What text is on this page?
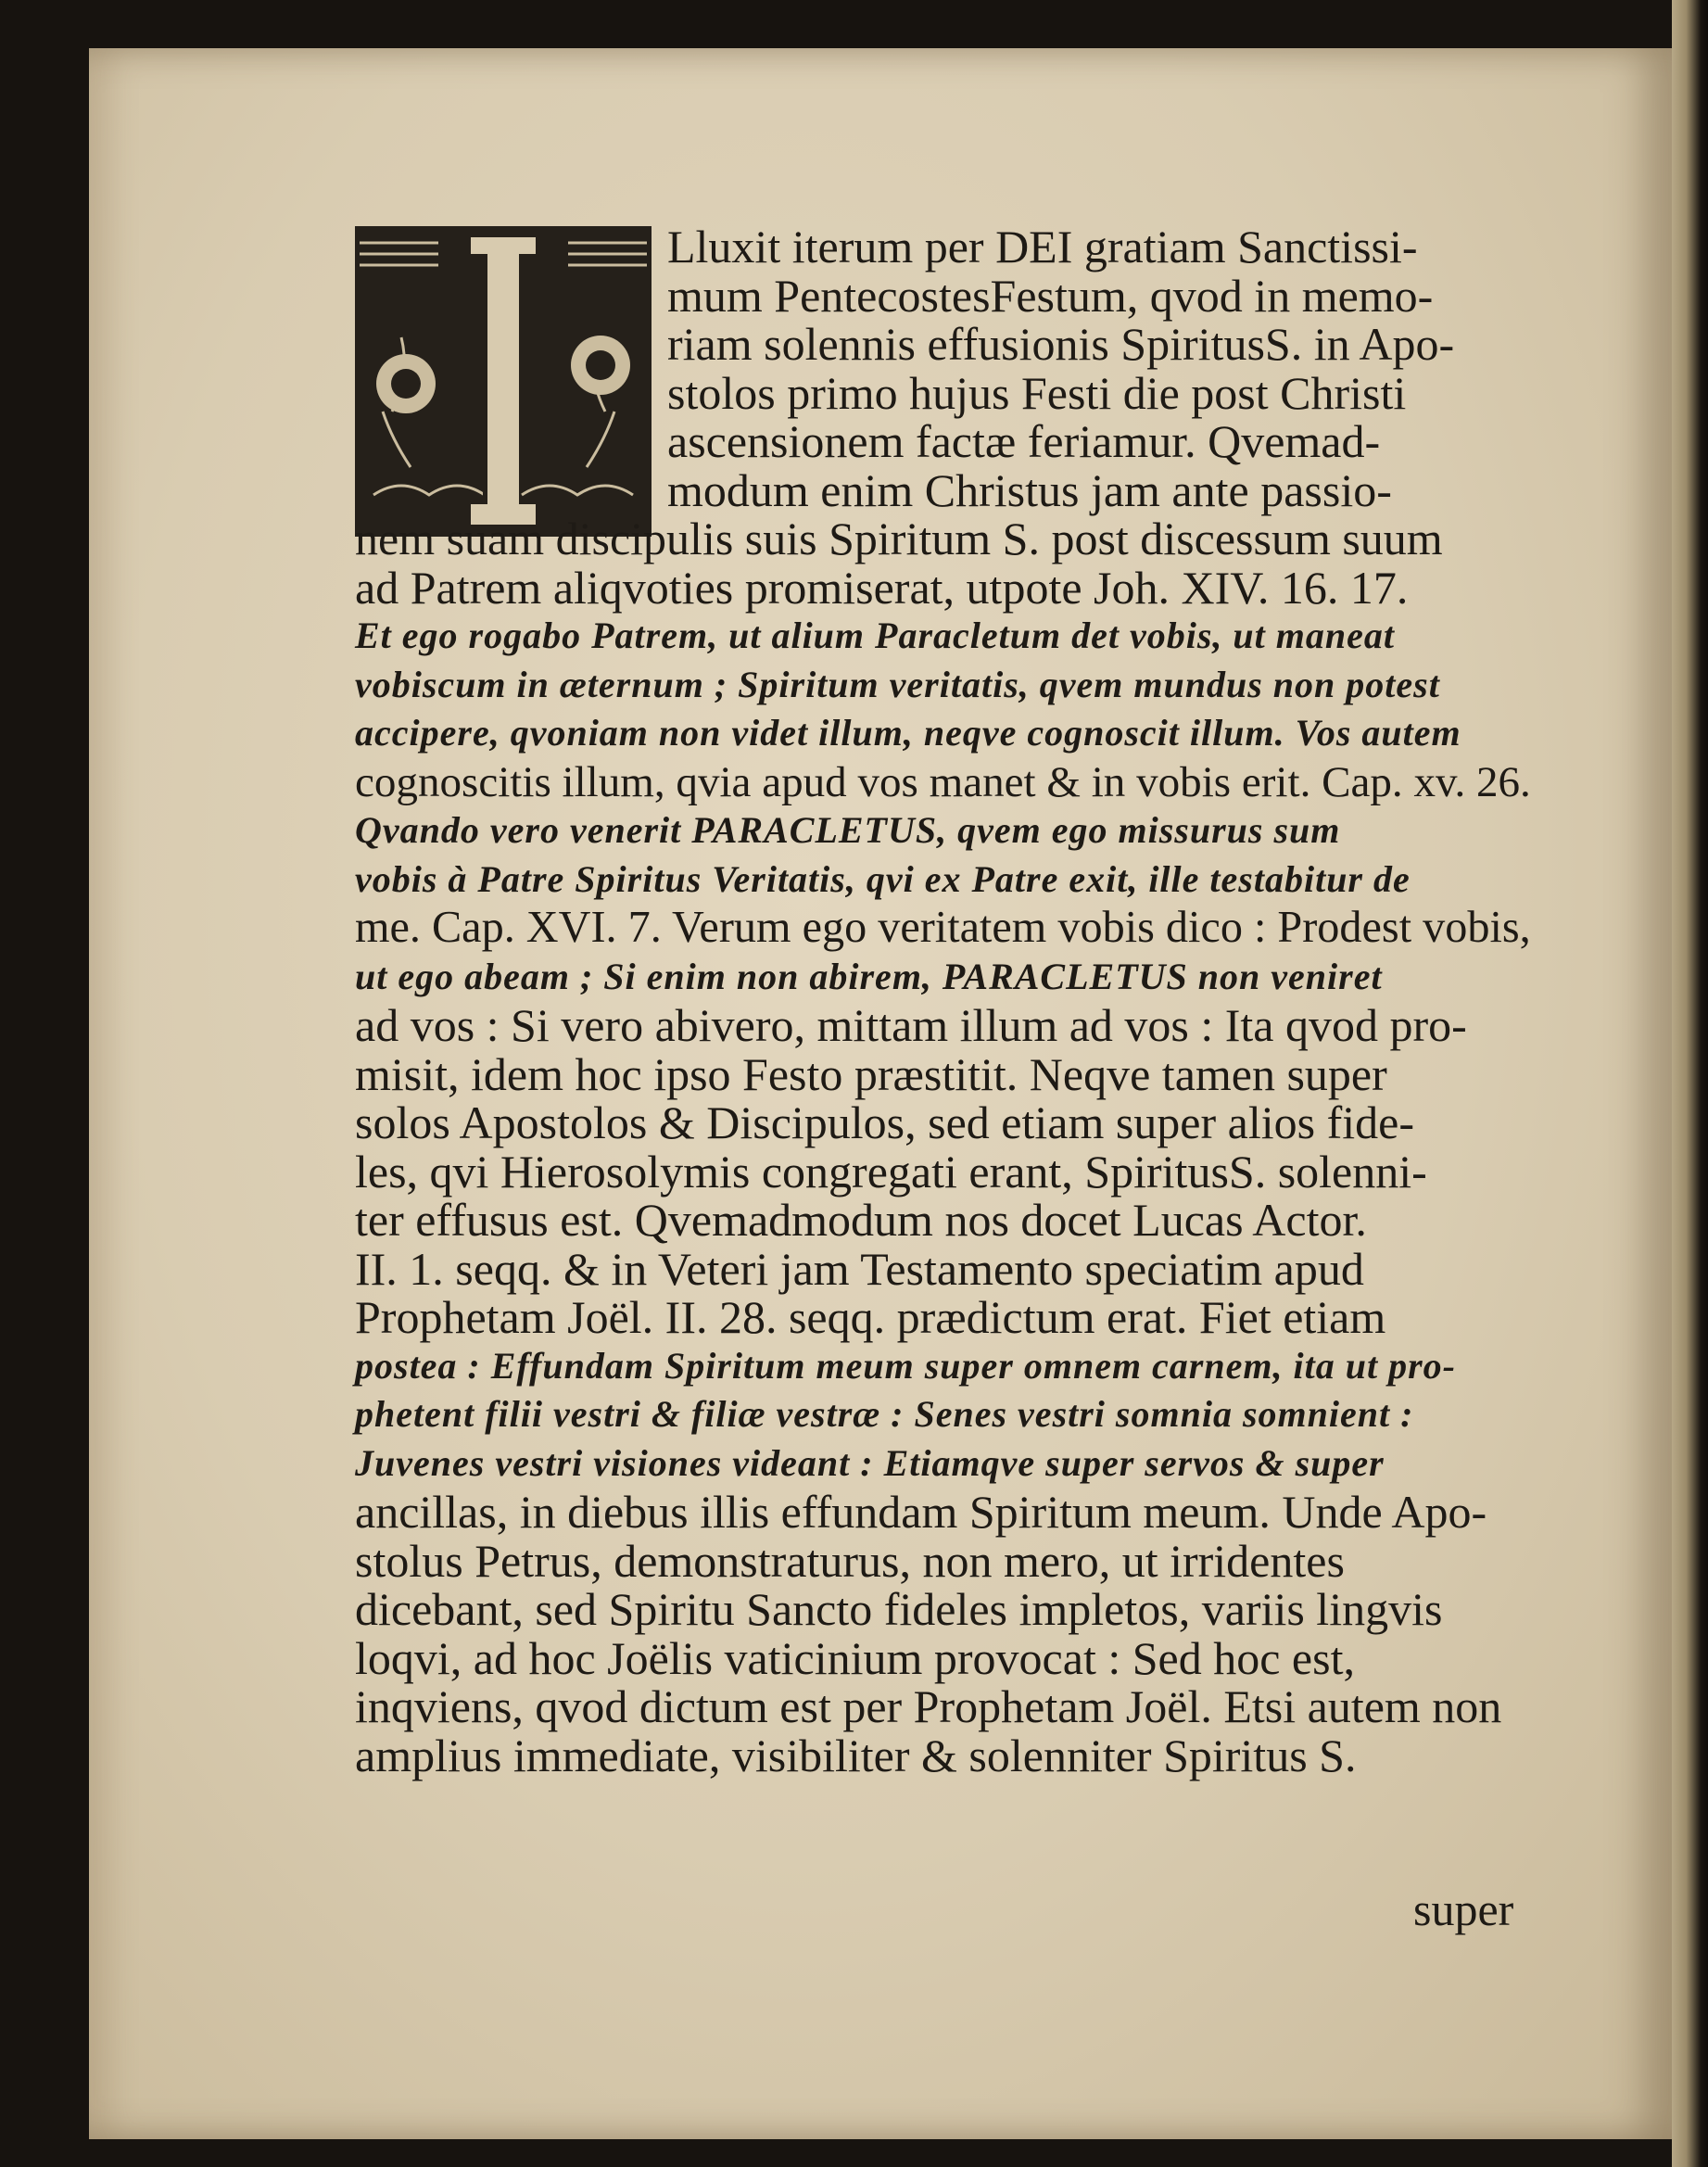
Lluxit iterum per DEI gratiam Sanctissi-
mum PentecostesFestum, qvod in memo-
riam solennis effusionis SpiritusS. in Apo-
stolos primo hujus Festi die post Christi
ascensionem factæ feriamur. Qvemad-
modum enim Christus jam ante passio-
nem suam discipulis suis Spiritum S. post discessum suum
ad Patrem aliqvoties promiserat, utpote Joh. XIV. 16. 17.
Et ego rogabo Patrem, ut alium Paracletum det vobis, ut maneat
vobiscum in æternum ; Spiritum veritatis, qvem mundus non potest
accipere, qvoniam non videt illum, neqve cognoscit illum. Vos autem
cognoscitis illum, qvia apud vos manet & in vobis erit. Cap. xv. 26.
Qvando vero venerit PARACLETUS, qvem ego missurus sum
vobis à Patre Spiritus Veritatis, qvi ex Patre exit, ille testabitur de
me. Cap. XVI. 7. Verum ego veritatem vobis dico : Prodest vobis,
ut ego abeam ; Si enim non abirem, PARACLETUS non veniret
ad vos : Si vero abivero, mittam illum ad vos : Ita qvod pro-
misit, idem hoc ipso Festo præstitit. Neqve tamen super
solos Apostolos & Discipulos, sed etiam super alios fide-
les, qvi Hierosolymis congregati erant, SpiritusS. solenni-
ter effusus est. Qvemadmodum nos docet Lucas Actor.
II. 1. seqq. & in Veteri jam Testamento speciatim apud
Prophetam Joël. II. 28. seqq. prædictum erat. Fiet etiam
postea : Effundam Spiritum meum super omnem carnem, ita ut pro-
phetent filii vestri & filiæ vestræ : Senes vestri somnia somnient :
Juvenes vestri visiones videant : Etiamqve super servos & super
ancillas, in diebus illis effundam Spiritum meum. Unde Apo-
stolus Petrus, demonstraturus, non mero, ut irridentes
dicebant, sed Spiritu Sancto fideles impletos, variis lingvis
loqvi, ad hoc Joëlis vaticinium provocat : Sed hoc est,
inqviens, qvod dictum est per Prophetam Joël. Etsi autem non
amplius immediate, visibiliter & solenniter Spiritus S.
super
